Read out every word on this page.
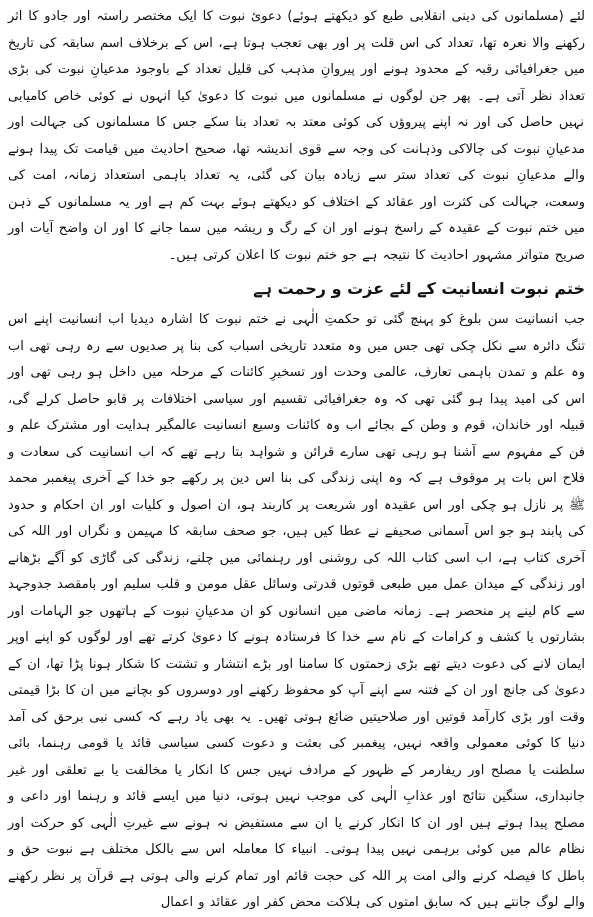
لئے (مسلمانوں کی دینی انقلابی طبع کو دیکھتے ہوئے) دعویٔ نبوت کا ایک مختصر راستہ اور جادو کا اثر رکھنے والا نعرہ تھا، تعداد کی اس قلت پر اور بھی تعجب ہوتا ہے، اس کے برخلاف اسم سابقہ کی تاریخ میں جغرافیائی رقبہ کے محدود ہونے اور پیروانِ مذہب کی قلیل تعداد کے باوجود مدعیانِ نبوت کی بڑی تعداد نظر آتی ہے۔ پھر جن لوگوں نے مسلمانوں میں نبوت کا دعویٰ کیا انہوں نے کوئی خاص کامیابی نہیں حاصل کی اور نہ اپنے پیروؤں کی کوئی معتد بہ تعداد بنا سکے جس کا مسلمانوں کی جہالت اور مدعیانِ نبوت کی چالاکی وذہانت کی وجہ سے قوی اندیشہ تھا، صحیح احادیث میں قیامت تک پیدا ہونے والے مدعیانِ نبوت کی تعداد ستر سے زیادہ بیان کی گئی، یہ تعداد باہمی استعداد زمانہ، امت کی وسعت، جہالت کی کثرت اور عقائد کے اختلاف کو دیکھتے ہوئے بہت کم ہے اور یہ مسلمانوں کے ذہن میں ختم نبوت کے عقیدہ کے راسخ ہونے اور ان کے رگ و ریشہ میں سما جانے کا اور ان واضح آیات اور صریح متواتر مشہور احادیث کا نتیجہ ہے جو ختم نبوت کا اعلان کرتی ہیں۔

ختم نبوت انسانیت کے لئے عزت و رحمت ہے

جب انسانیت سن بلوغ کو پہنچ گئی تو حکمتِ الٰہی نے ختم نبوت کا اشارہ دیدیا اب انسانیت اپنے اس تنگ دائرہ سے نکل چکی تھی جس میں وہ متعدد تاریخی اسباب کی بنا پر صدیوں سے رہ رہی تھی اب وہ علم و تمدن باہمی تعارف، عالمی وحدت اور تسخیرِ کائنات کے مرحلہ میں داخل ہو رہی تھی اور اس کی امید پیدا ہو گئی تھی کہ وہ جغرافیائی تقسیم اور سیاسی اختلافات پر قابو حاصل کرلے گی، قبیلہ اور خاندان، قوم و وطن کے بجائے اب وہ کائنات وسیع انسانیت عالمگیر ہدایت اور مشترک علم و فن کے مفہوم سے آشنا ہو رہی تھی سارے قرائن و شواہد بتا رہے تھے کہ اب انسانیت کی سعادت و فلاح اس بات پر موقوف ہے کہ وہ اپنی زندگی کی بنا اس دین پر رکھے جو خدا کے آخری پیغمبر محمد ﷺ پر نازل ہو چکی اور اس عقیدہ اور شریعت پر کاربند ہو، ان اصول و کلیات اور ان احکام و حدود کی پابند ہو جو اس آسمانی صحیفے نے عطا کیں ہیں، جو صحف سابقہ کا مہیمن و نگراں اور اللہ کی آخری کتاب ہے، اب اسی کتاب اللہ کی روشنی اور رہنمائی میں چلنے، زندگی کی گاڑی کو آگے بڑھانے اور زندگی کے میدان عمل میں طبعی قوتوں قدرتی وسائل عقل مومن و قلب سلیم اور بامقصد جدوجہد سے کام لینے پر منحصر ہے۔ زمانہ ماضی میں انسانوں کو ان مدعیانِ نبوت کے ہاتھوں جو الہامات اور بشارتوں یا کشف و کرامات کے نام سے خدا کا فرستادہ ہونے کا دعویٰ کرتے تھے اور لوگوں کو اپنے اوپر ایمان لانے کی دعوت دیتے تھے بڑی زحمتوں کا سامنا اور بڑے انتشار و تشتت کا شکار ہونا پڑا تھا، ان کے دعویٰ کی جانچ اور ان کے فتنہ سے اپنے آپ کو محفوظ رکھنے اور دوسروں کو بچانے میں ان کا بڑا قیمتی وقت اور بڑی کارآمد قوتیں اور صلاحیتیں ضائع ہوتی تھیں۔ یہ بھی یاد رہے کہ کسی نبی برحق کی آمد دنیا کا کوئی معمولی واقعہ نہیں، پیغمبر کی بعثت و دعوت کسی سیاسی قائد یا قومی رہنما، بائی سلطنت یا مصلح اور ریفارمر کے ظہور کے مرادف نہیں جس کا انکار یا مخالفت یا بے تعلقی اور غیر جانبداری، سنگین نتائج اور عذابِ الٰہی کی موجب نہیں ہوتی، دنیا میں ایسے قائد و رہنما اور داعی و مصلح پیدا ہوتے ہیں اور ان کا انکار کرنے یا ان سے مستفیض نہ ہونے سے غیرتِ الٰہی کو حرکت اور نظام عالم میں کوئی برہمی نہیں پیدا ہوتی۔ انبیاء کا معاملہ اس سے بالکل مختلف ہے نبوت حق و باطل کا فیصلہ کرنے والی امت پر اللہ کی حجت قائم اور تمام کرنے والی ہوتی ہے قرآن پر نظر رکھنے والے لوگ جانتے ہیں کہ سابق امتوں کی ہلاکت محض کفر اور عقائد و اعمال
